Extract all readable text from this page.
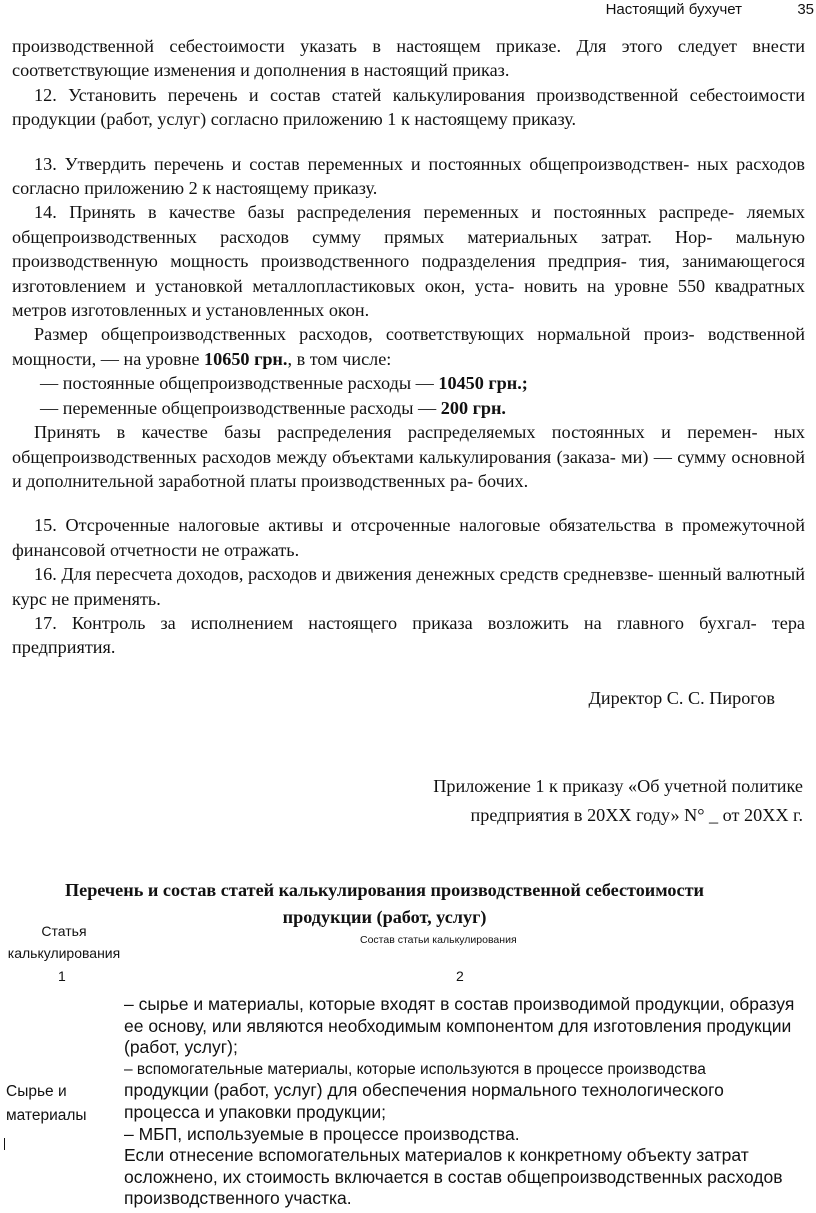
Настоящий бухучет	35

производственной себестоимости указать в настоящем приказе. Для этого следует внести соответствующие изменения и дополнения в настоящий приказ.

12. Установить перечень и состав статей калькулирования производственной себестоимости продукции (работ, услуг) согласно приложению 1 к настоящему приказу.

13. Утвердить перечень и состав переменных и постоянных общепроизводствен- ных расходов согласно приложению 2 к настоящему приказу.

14. Принять в качестве базы распределения переменных и постоянных распреде- ляемых общепроизводственных расходов сумму прямых материальных затрат. Нор- мальную производственную мощность производственного подразделения предприя- тия, занимающегося изготовлением и установкой металлопластиковых окон, уста- новить на уровне 550 квадратных метров изготовленных и установленных окон.

Размер общепроизводственных расходов, соответствующих нормальной произ- водственной мощности, — на уровне 10650 грн., в том числе:

— постоянные общепроизводственные расходы — 10450 грн.;

— переменные общепроизводственные расходы — 200 грн.

Принять в качестве базы распределения распределяемых постоянных и перемен- ных общепроизводственных расходов между объектами калькулирования (заказа- ми) — сумму основной и дополнительной заработной платы производственных ра- бочих.

15. Отсроченные налоговые активы и отсроченные налоговые обязательства в промежуточной финансовой отчетности не отражать.

16. Для пересчета доходов, расходов и движения денежных средств средневзве- шенный валютный курс не применять.

17. Контроль за исполнением настоящего приказа возложить на главного бухгал- тера предприятия.

Директор С. С. Пирогов

Приложение 1 к приказу «Об учетной политике

предприятия в 20ХХ году» N° _ от 20ХХ г.

Перечень и состав статей калькулирования производственной себестоимости

продукции (работ, услуг)

Статья
калькулирования
Состав статьи калькулирования
1	2
Сырье и
материалы

– сырье и материалы, которые входят в состав производимой продукции, образуя ее основу, или являются необходимым компонентом для изготовления продукции (работ, услуг);

– вспомогательные материалы, которые используются в процессе производства

продукции (работ, услуг) для обеспечения нормального технологического процесса и упаковки продукции;

– МБП, используемые в процессе производства.

Если отнесение вспомогательных материалов к конкретному объекту затрат осложнено, их стоимость включается в состав общепроизводственных расходов производственного участка.
